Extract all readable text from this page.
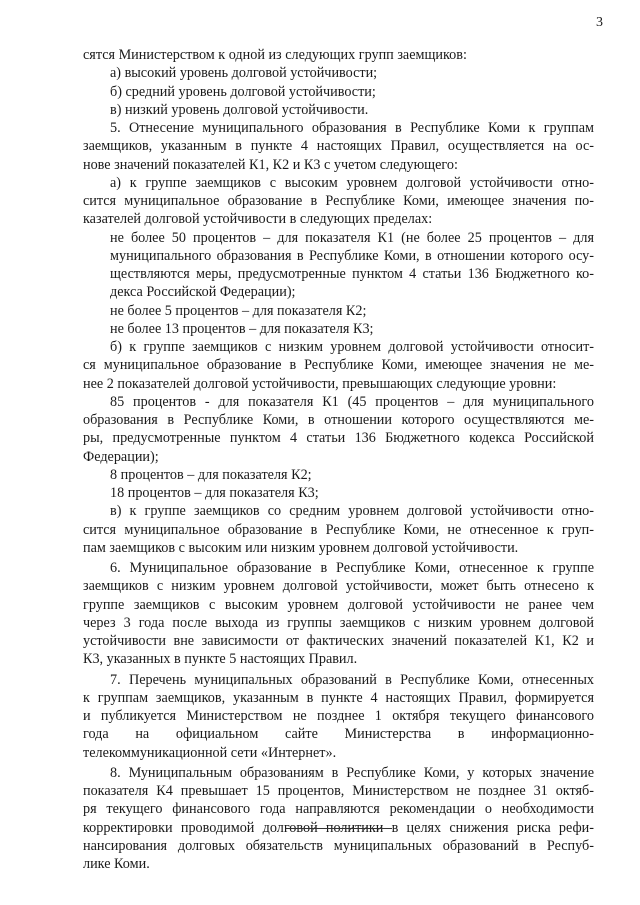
3
сятся Министерством к одной из следующих групп заемщиков:
а) высокий уровень долговой устойчивости;
б) средний уровень долговой устойчивости;
в) низкий уровень долговой устойчивости.
5. Отнесение муниципального образования в Республике Коми к группам
заемщиков, указанным в пункте 4 настоящих Правил, осуществляется на ос-
нове значений показателей К1, К2 и К3 с учетом следующего:
а) к группе заемщиков с высоким уровнем долговой устойчивости отно-
сится муниципальное образование в Республике Коми, имеющее значения по-
казателей долговой устойчивости в следующих пределах:
не более 50 процентов – для показателя К1 (не более 25 процентов – для
муниципального образования в Республике Коми, в отношении которого осу-
ществляются меры, предусмотренные пунктом 4 статьи 136 Бюджетного ко-
декса Российской Федерации);
не более 5 процентов – для показателя К2;
не более 13 процентов – для показателя К3;
б) к группе заемщиков с низким уровнем долговой устойчивости относит-
ся муниципальное образование в Республике Коми, имеющее значения не ме-
нее 2 показателей долговой устойчивости, превышающих следующие уровни:
85 процентов - для показателя К1 (45 процентов – для муниципального
образования в Республике Коми, в отношении которого осуществляются ме-
ры, предусмотренные пунктом 4 статьи 136 Бюджетного кодекса Российской
Федерации);
8 процентов – для показателя К2;
18 процентов – для показателя К3;
в) к группе заемщиков со средним уровнем долговой устойчивости отно-
сится муниципальное образование в Республике Коми, не отнесенное к груп-
пам заемщиков с высоким или низким уровнем долговой устойчивости.
6. Муниципальное образование в Республике Коми, отнесенное к группе
заемщиков с низким уровнем долговой устойчивости, может быть отнесено к
группе заемщиков с высоким уровнем долговой устойчивости не ранее чем
через 3 года после выхода из группы заемщиков с низким уровнем долговой
устойчивости вне зависимости от фактических значений показателей К1, К2 и
К3, указанных в пункте 5 настоящих Правил.
7. Перечень муниципальных образований в Республике Коми, отнесенных
к группам заемщиков, указанным в пункте 4 настоящих Правил, формируется
и публикуется Министерством не позднее 1 октября текущего финансового
года на официальном сайте Министерства в информационно-
телекоммуникационной сети «Интернет».
8. Муниципальным образованиям в Республике Коми, у которых значение
показателя К4 превышает 15 процентов, Министерством не позднее 31 октяб-
ря текущего финансового года направляются рекомендации о необходимости
корректировки проводимой долговой политики в целях снижения риска рефи-
нансирования долговых обязательств муниципальных образований в Респуб-
лике Коми.
